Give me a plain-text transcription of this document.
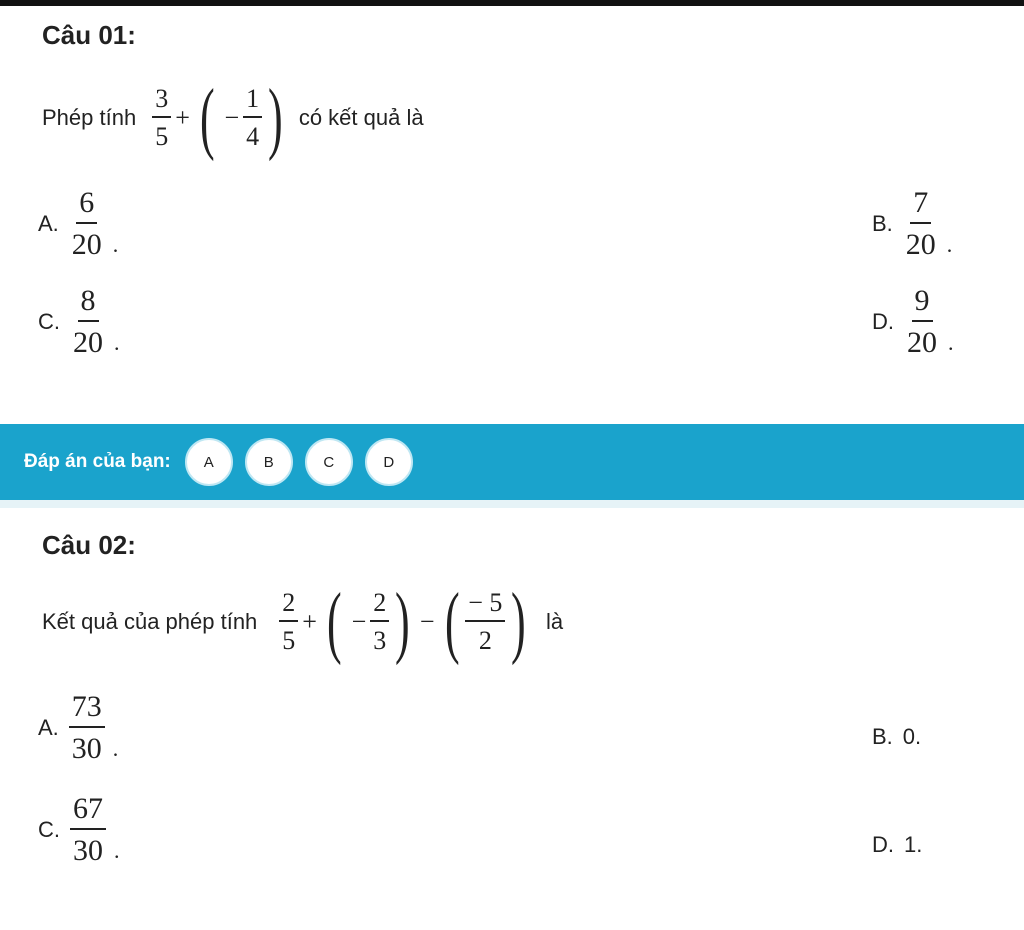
Câu 01:
Phép tính $\frac{3}{5}$ + ( − $\frac{1}{4}$ ) có kết quả là
A. $\frac{6}{20}$ .
B. $\frac{7}{20}$ .
C. $\frac{8}{20}$ .
D. $\frac{9}{20}$ .
Đáp án của bạn:	A	B	C	D
Câu 02:
Kết quả của phép tính $\frac{2}{5}$ + ( − $\frac{2}{3}$ ) − ( $\frac{- 5}{2}$ ) là
A. $\frac{73}{30}$ .	B. 0.
C. $\frac{67}{30}$ .	D. 1.
